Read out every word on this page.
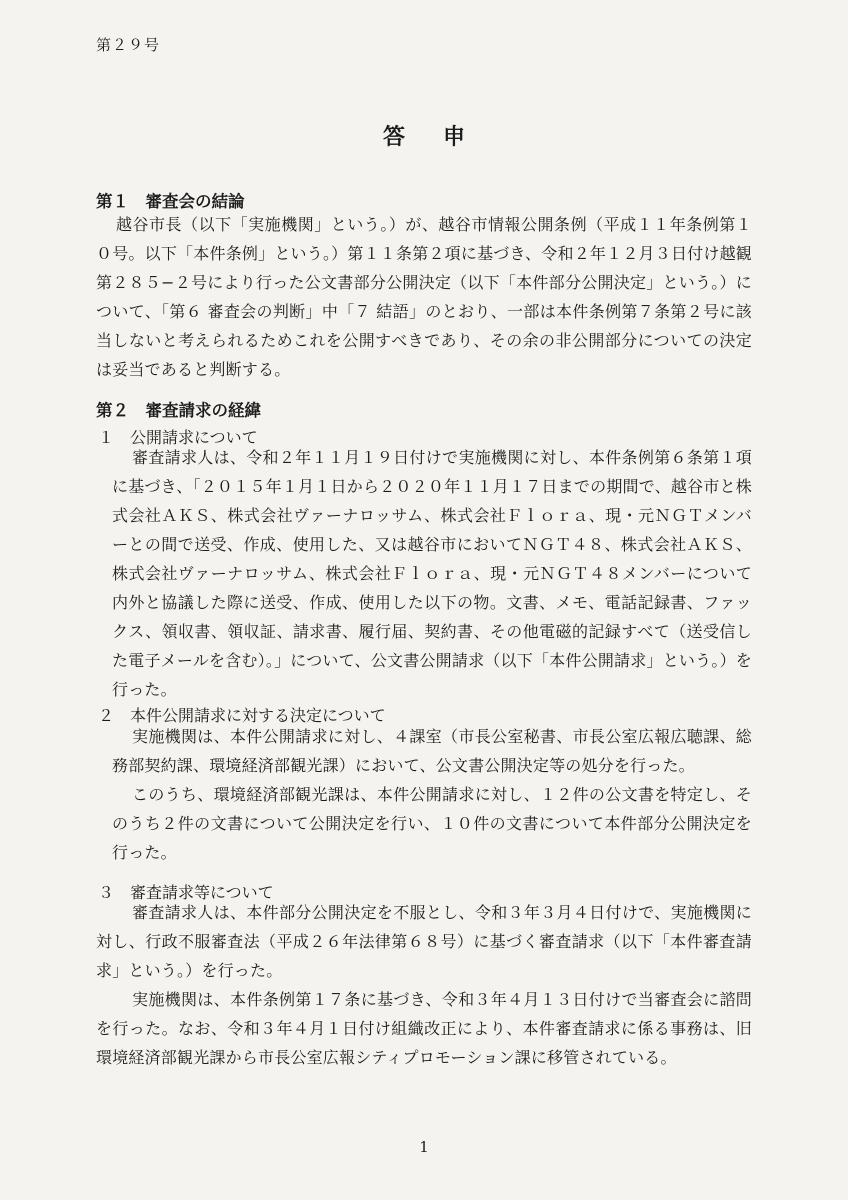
第２９号
答申
第１　審査会の結論
越谷市長（以下「実施機関」という。）が、越谷市情報公開条例（平成１１年条例第１０号。以下「本件条例」という。）第１１条第２項に基づき、令和２年１２月３日付け越観第２８５−２号により行った公文書部分公開決定（以下「本件部分公開決定」という。）について、「第６ 審査会の判断」中「７ 結語」のとおり、一部は本件条例第７条第２号に該当しないと考えられるためこれを公開すべきであり、その余の非公開部分についての決定は妥当であると判断する。
第２　審査請求の経緯
１　公開請求について
審査請求人は、令和２年１１月１９日付けで実施機関に対し、本件条例第６条第１項に基づき、「２０１５年１月１日から２０２０年１１月１７日までの期間で、越谷市と株式会社ＡＫＳ、株式会社ヴァーナロッサム、株式会社Ｆｌｏｒａ、現・元ＮＧＴメンバーとの間で送受、作成、使用した、又は越谷市においてＮＧＴ４８、株式会社ＡＫＳ、株式会社ヴァーナロッサム、株式会社Ｆｌｏｒａ、現・元ＮＧＴ４８メンバーについて内外と協議した際に送受、作成、使用した以下の物。文書、メモ、電話記録書、ファックス、領収書、領収証、請求書、履行届、契約書、その他電磁的記録すべて（送受信した電子メールを含む）。」について、公文書公開請求（以下「本件公開請求」という。）を行った。
２　本件公開請求に対する決定について
実施機関は、本件公開請求に対し、４課室（市長公室秘書、市長公室広報広聴課、総務部契約課、環境経済部観光課）において、公文書公開決定等の処分を行った。
このうち、環境経済部観光課は、本件公開請求に対し、１２件の公文書を特定し、そのうち２件の文書について公開決定を行い、１０件の文書について本件部分公開決定を行った。
３　審査請求等について
審査請求人は、本件部分公開決定を不服とし、令和３年３月４日付けで、実施機関に対し、行政不服審査法（平成２６年法律第６８号）に基づく審査請求（以下「本件審査請求」という。）を行った。
実施機関は、本件条例第１７条に基づき、令和３年４月１３日付けで当審査会に諮問を行った。なお、令和３年４月１日付け組織改正により、本件審査請求に係る事務は、旧環境経済部観光課から市長公室広報シティプロモーション課に移管されている。
1
